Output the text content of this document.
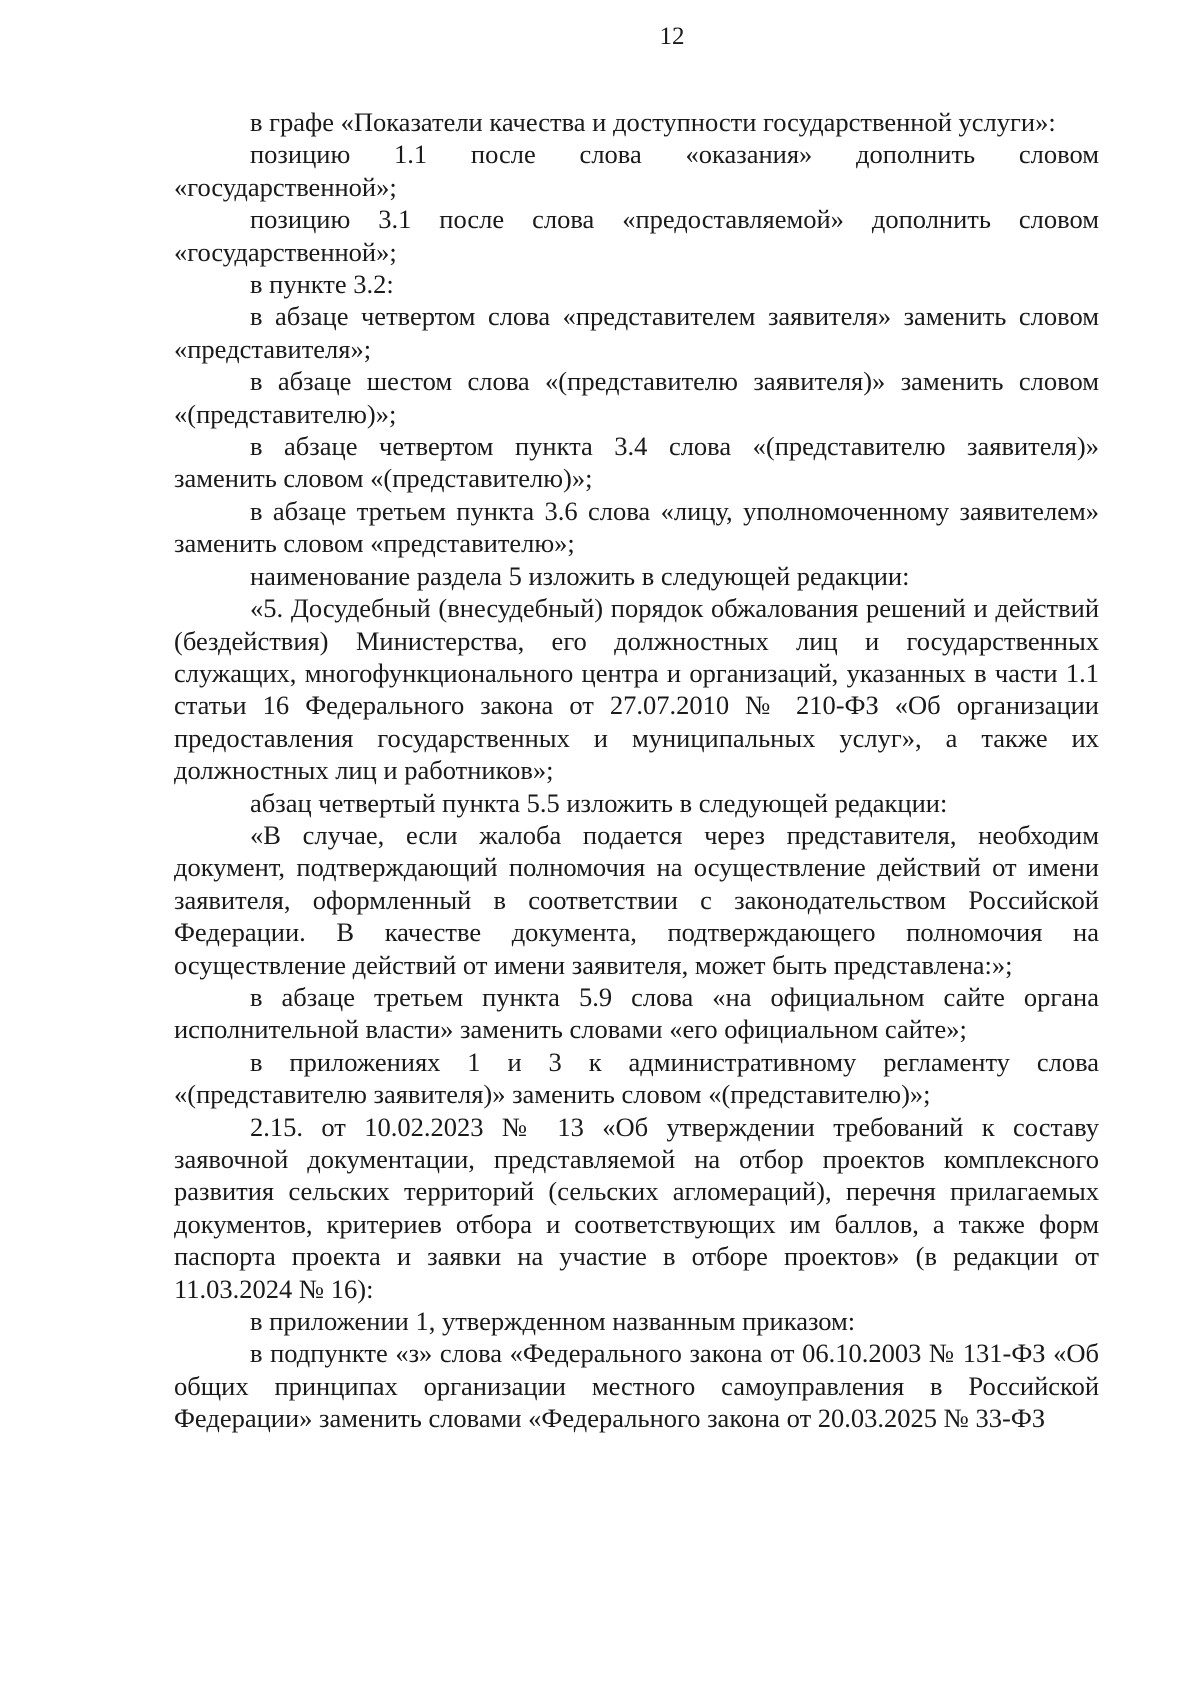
12

в графе «Показатели качества и доступности государственной услуги»:

позицию 1.1 после слова «оказания» дополнить словом «государственной»;

позицию 3.1 после слова «предоставляемой» дополнить словом «государственной»;

в пункте 3.2:

в абзаце четвертом слова «представителем заявителя» заменить словом «представителя»;

в абзаце шестом слова «(представителю заявителя)» заменить словом «(представителю)»;

в абзаце четвертом пункта 3.4 слова «(представителю заявителя)» заменить словом «(представителю)»;

в абзаце третьем пункта 3.6 слова «лицу, уполномоченному заявителем» заменить словом «представителю»;

наименование раздела 5 изложить в следующей редакции:

«5. Досудебный (внесудебный) порядок обжалования решений и действий (бездействия) Министерства, его должностных лиц и государственных служащих, многофункционального центра и организаций, указанных в части 1.1 статьи 16 Федерального закона от 27.07.2010 № 210-ФЗ «Об организации предоставления государственных и муниципальных услуг», а также их должностных лиц и работников»;

абзац четвертый пункта 5.5 изложить в следующей редакции:

«В случае, если жалоба подается через представителя, необходим документ, подтверждающий полномочия на осуществление действий от имени заявителя, оформленный в соответствии с законодательством Российской Федерации. В качестве документа, подтверждающего полномочия на осуществление действий от имени заявителя, может быть представлена:»;

в абзаце третьем пункта 5.9 слова «на официальном сайте органа исполнительной власти» заменить словами «его официальном сайте»;

в приложениях 1 и 3 к административному регламенту слова «(представителю заявителя)» заменить словом «(представителю)»;

2.15. от 10.02.2023 № 13 «Об утверждении требований к составу заявочной документации, представляемой на отбор проектов комплексного развития сельских территорий (сельских агломераций), перечня прилагаемых документов, критериев отбора и соответствующих им баллов, а также форм паспорта проекта и заявки на участие в отборе проектов» (в редакции от 11.03.2024 № 16):

в приложении 1, утвержденном названным приказом:

в подпункте «з» слова «Федерального закона от 06.10.2003 № 131-ФЗ «Об общих принципах организации местного самоуправления в Российской Федерации» заменить словами «Федерального закона от 20.03.2025 № 33-ФЗ
